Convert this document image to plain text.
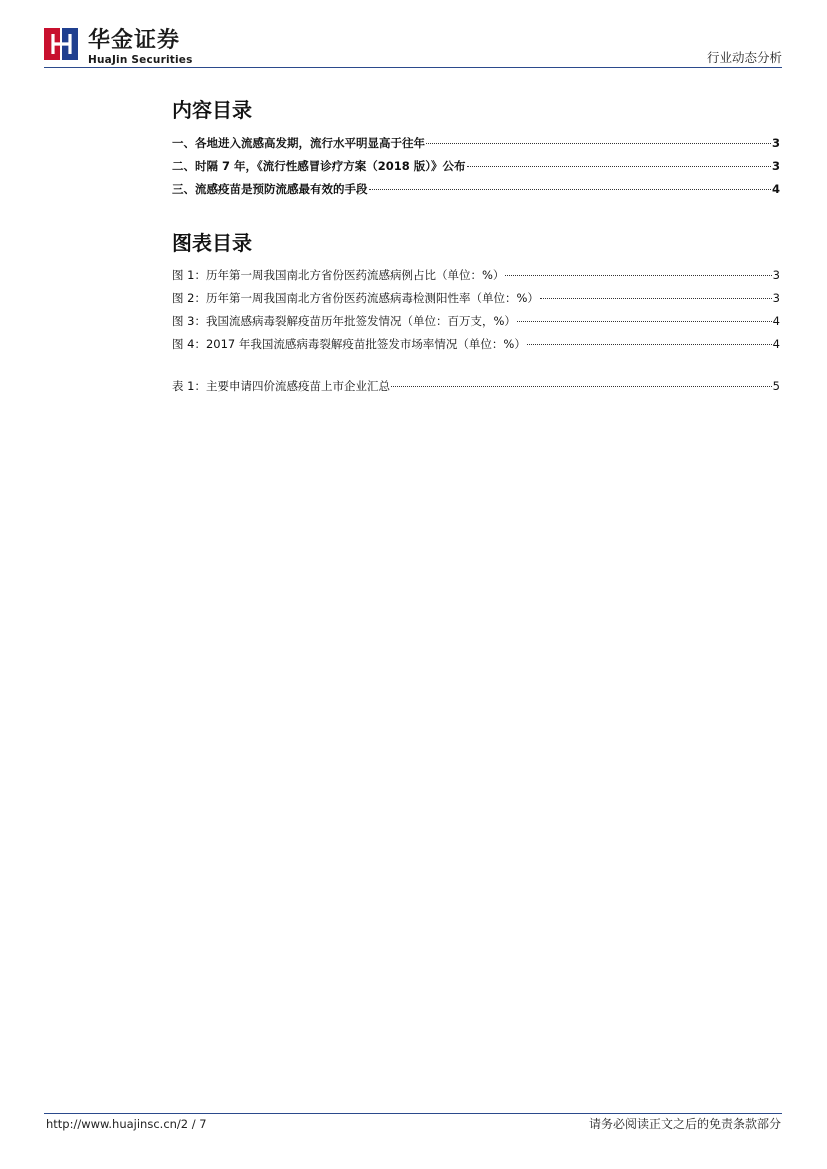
华金证券
HuaJin Securities	行业动态分析
内容目录
一、各地进入流感高发期，流行水平明显高于往年	3
二、时隔 7 年，《流行性感冒诊疗方案（2018 版）》公布	3
三、流感疫苗是预防流感最有效的手段	4
图表目录
图 1：历年第一周我国南北方省份医药流感病例占比（单位：%）	3
图 2：历年第一周我国南北方省份医药流感病毒检测阳性率（单位：%）	3
图 3：我国流感病毒裂解疫苗历年批签发情况（单位：百万支，%）	4
图 4：2017 年我国流感病毒裂解疫苗批签发市场率情况（单位：%）	4
表 1：主要申请四价流感疫苗上市企业汇总	5
http://www.huajinsc.cn/2 / 7	请务必阅读正文之后的免责条款部分
